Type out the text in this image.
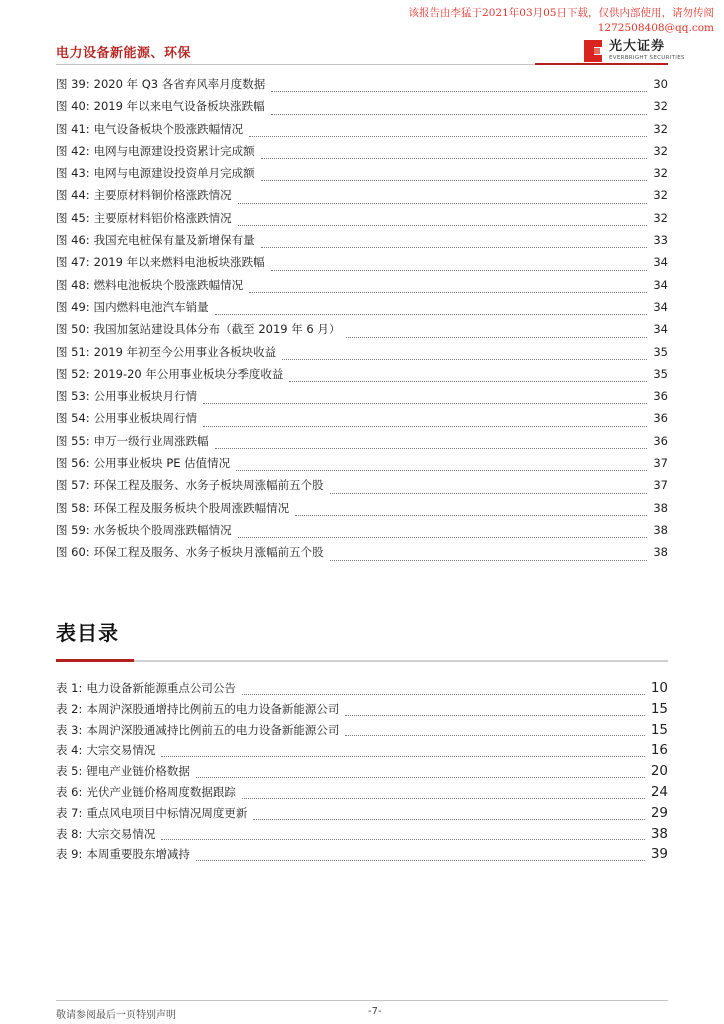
该报告由李猛于2021年03月05日下载，仅供内部使用，请勿传阅
1272508408@qq.com
电力设备新能源、环保	光大证券
EVERBRIGHT SECURITIES
图 39: 2020 年 Q3 各省弃风率月度数据	30
图 40: 2019 年以来电气设备板块涨跌幅	32
图 41: 电气设备板块个股涨跌幅情况	32
图 42: 电网与电源建设投资累计完成额	32
图 43: 电网与电源建设投资单月完成额	32
图 44: 主要原材料铜价格涨跌情况	32
图 45: 主要原材料铝价格涨跌情况	32
图 46: 我国充电桩保有量及新增保有量	33
图 47: 2019 年以来燃料电池板块涨跌幅	34
图 48: 燃料电池板块个股涨跌幅情况	34
图 49: 国内燃料电池汽车销量	34
图 50: 我国加氢站建设具体分布（截至 2019 年 6 月）	34
图 51: 2019 年初至今公用事业各板块收益	35
图 52: 2019-20 年公用事业板块分季度收益	35
图 53: 公用事业板块月行情	36
图 54: 公用事业板块周行情	36
图 55: 申万一级行业周涨跌幅	36
图 56: 公用事业板块 PE 估值情况	37
图 57: 环保工程及服务、水务子板块周涨幅前五个股	37
图 58: 环保工程及服务板块个股周涨跌幅情况	38
图 59: 水务板块个股周涨跌幅情况	38
图 60: 环保工程及服务、水务子板块月涨幅前五个股	38
表目录
表 1: 电力设备新能源重点公司公告	10
表 2: 本周沪深股通增持比例前五的电力设备新能源公司	15
表 3: 本周沪深股通减持比例前五的电力设备新能源公司	15
表 4: 大宗交易情况	16
表 5: 锂电产业链价格数据	20
表 6: 光伏产业链价格周度数据跟踪	24
表 7: 重点风电项目中标情况周度更新	29
表 8: 大宗交易情况	38
表 9: 本周重要股东增减持	39
敬请参阅最后一页特别声明	-7-
